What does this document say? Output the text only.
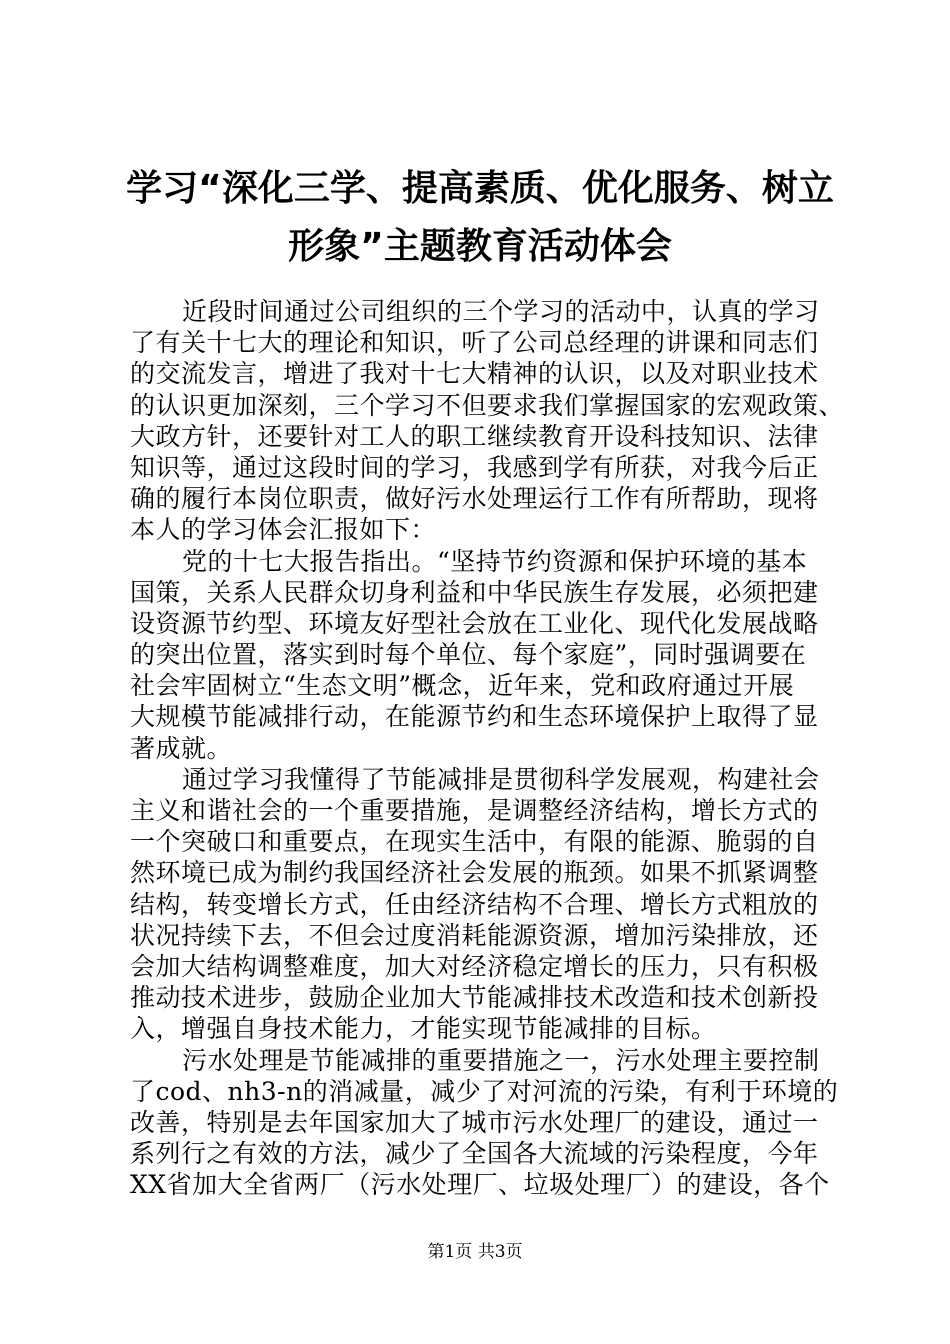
学习“深化三学、提高素质、优化服务、树立
形象”主题教育活动体会
近段时间通过公司组织的三个学习的活动中，认真的学习
了有关十七大的理论和知识，听了公司总经理的讲课和同志们
的交流发言，增进了我对十七大精神的认识，以及对职业技术
的认识更加深刻，三个学习不但要求我们掌握国家的宏观政策、
大政方针，还要针对工人的职工继续教育开设科技知识、法律
知识等，通过这段时间的学习，我感到学有所获，对我今后正
确的履行本岗位职责，做好污水处理运行工作有所帮助，现将
本人的学习体会汇报如下：
党的十七大报告指出。“坚持节约资源和保护环境的基本
国策，关系人民群众切身利益和中华民族生存发展，必须把建
设资源节约型、环境友好型社会放在工业化、现代化发展战略
的突出位置，落实到时每个单位、每个家庭”，同时强调要在
社会牢固树立“生态文明”概念，近年来，党和政府通过开展
大规模节能减排行动，在能源节约和生态环境保护上取得了显
著成就。
通过学习我懂得了节能减排是贯彻科学发展观，构建社会
主义和谐社会的一个重要措施，是调整经济结构，增长方式的
一个突破口和重要点，在现实生活中，有限的能源、脆弱的自
然环境已成为制约我国经济社会发展的瓶颈。如果不抓紧调整
结构，转变增长方式，任由经济结构不合理、增长方式粗放的
状况持续下去，不但会过度消耗能源资源，增加污染排放，还
会加大结构调整难度，加大对经济稳定增长的压力，只有积极
推动技术进步，鼓励企业加大节能减排技术改造和技术创新投
入，增强自身技术能力，才能实现节能减排的目标。
污水处理是节能减排的重要措施之一，污水处理主要控制
了cod、nh3-n的消减量，减少了对河流的污染，有利于环境的
改善，特别是去年国家加大了城市污水处理厂的建设，通过一
系列行之有效的方法，减少了全国各大流域的污染程度，今年
XX省加大全省两厂（污水处理厂、垃圾处理厂）的建设，各个
第1页 共3页
